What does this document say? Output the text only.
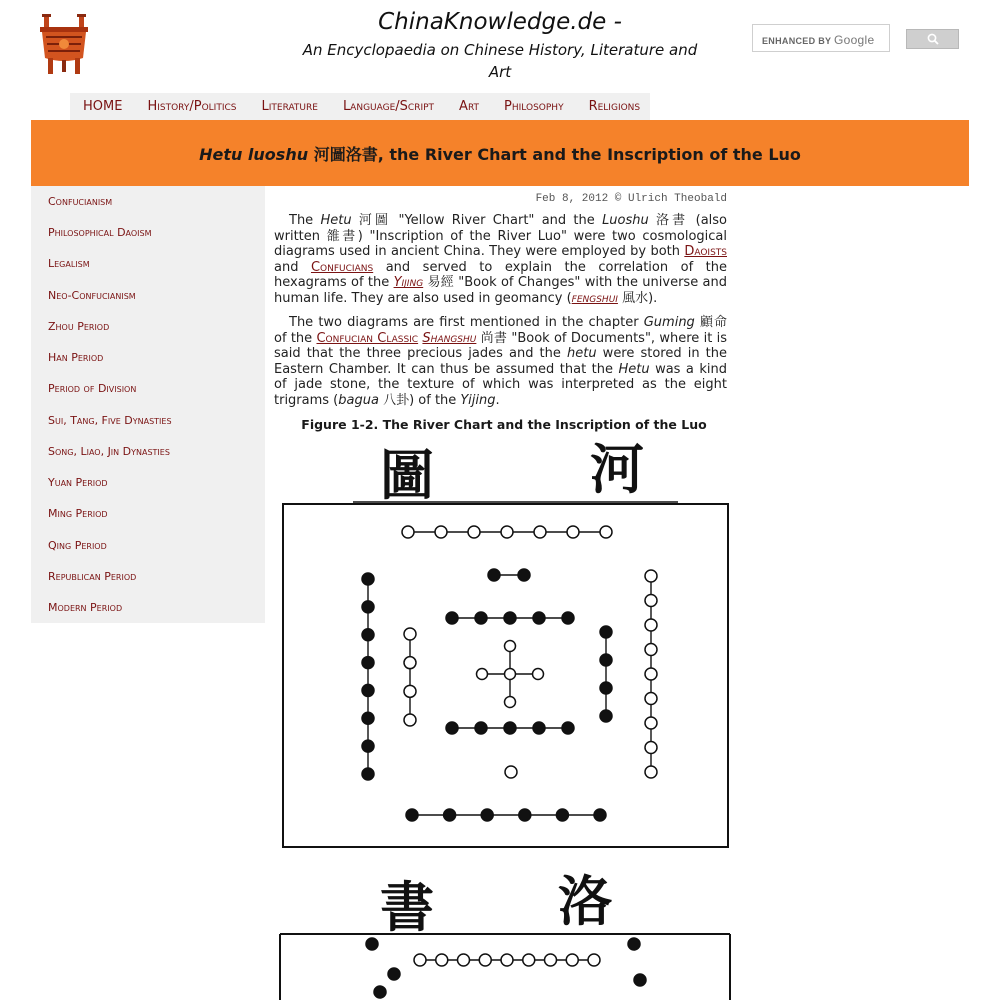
ChinaKnowledge.de -
An Encyclopaedia on Chinese History, Literature and Art
ENHANCED BY Google
HOME History/Politics Literature Language/Script Art Philosophy Religions
Hetu luoshu 河圖洛書, the River Chart and the Inscription of the Luo
Confucianism
Philosophical Daoism
Legalism
Neo-Confucianism
Zhou Period
Han Period
Period of Division
Sui, Tang, Five Dynasties
Song, Liao, Jin Dynasties
Yuan Period
Ming Period
Qing Period
Republican Period
Modern Period
Feb 8, 2012 © Ulrich Theobald

The Hetu 河圖 "Yellow River Chart" and the Luoshu 洛書 (also written 雒書) "Inscription of the River Luo" were two cosmological diagrams used in ancient China. They were employed by both Daoists and Confucians and served to explain the correlation of the hexagrams of the Yijing 易經 "Book of Changes" with the universe and human life. They are also used in geomancy (fengshui 風水).

The two diagrams are first mentioned in the chapter Guming 顧命 of the Confucian Classic Shangshu 尚書 "Book of Documents", where it is said that the three precious jades and the hetu were stored in the Eastern Chamber. It can thus be assumed that the Hetu was a kind of jade stone, the texture of which was interpreted as the eight trigrams (bagua 八卦) of the Yijing.

Figure 1-2. The River Chart and the Inscription of the Luo
圖	河
書 洛
